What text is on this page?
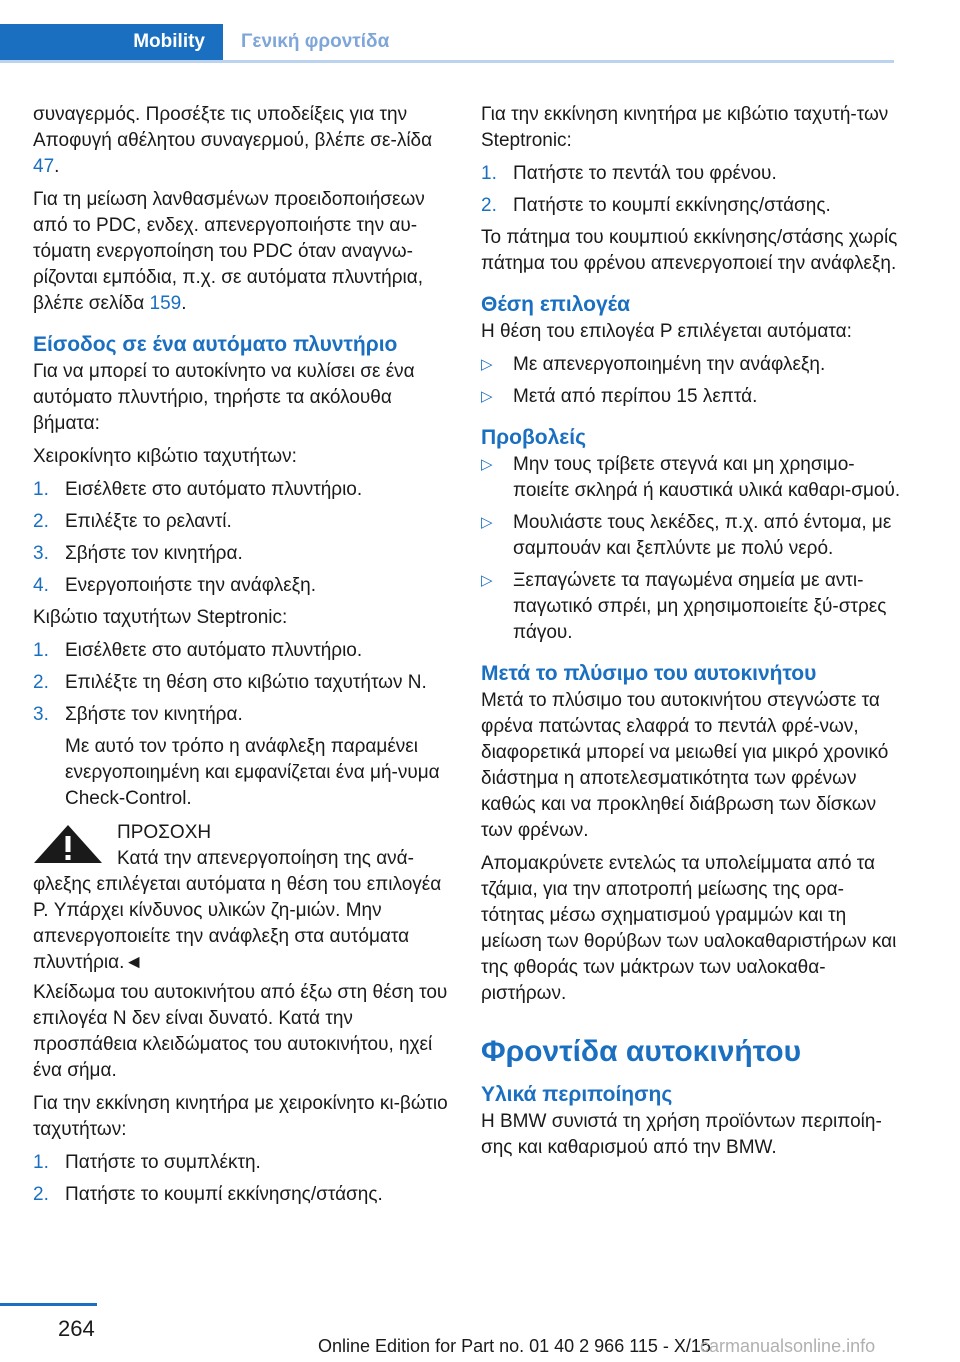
Mobility	Γενική φροντίδα

συναγερμός. Προσέξτε τις υποδείξεις για την Αποφυγή αθέλητου συναγερμού, βλέπε σε-λίδα 47.

Για τη μείωση λανθασμένων προειδοποιήσεων από το PDC, ενδεχ. απενεργοποιήστε την αυ-τόματη ενεργοποίηση του PDC όταν αναγνω-ρίζονται εμπόδια, π.χ. σε αυτόματα πλυντήρια, βλέπε σελίδα 159.

Είσοδος σε ένα αυτόματο πλυντήριο

Για να μπορεί το αυτοκίνητο να κυλίσει σε ένα αυτόματο πλυντήριο, τηρήστε τα ακόλουθα βήματα:

Χειροκίνητο κιβώτιο ταχυτήτων:

1. Εισέλθετε στο αυτόματο πλυντήριο.
2. Επιλέξτε το ρελαντί.
3. Σβήστε τον κινητήρα.
4. Ενεργοποιήστε την ανάφλεξη.

Κιβώτιο ταχυτήτων Steptronic:

1. Εισέλθετε στο αυτόματο πλυντήριο.
2. Επιλέξτε τη θέση στο κιβώτιο ταχυτήτων N.
3. Σβήστε τον κινητήρα.
Με αυτό τον τρόπο η ανάφλεξη παραμένει ενεργοποιημένη και εμφανίζεται ένα μή-νυμα Check-Control.
ΠΡΟΣΟΧΗ
Κατά την απενεργοποίηση της ανά-
φλεξης επιλέγεται αυτόματα η θέση του επιλογέα P. Υπάρχει κίνδυνος υλικών ζη-μιών. Μην απενεργοποιείτε την ανάφλεξη στα αυτόματα πλυντήρια.◄

Κλείδωμα του αυτοκινήτου από έξω στη θέση του επιλογέα N δεν είναι δυνατό. Κατά την προσπάθεια κλειδώματος του αυτοκινήτου, ηχεί ένα σήμα.

Για την εκκίνηση κινητήρα με χειροκίνητο κι-βώτιο ταχυτήτων:

1. Πατήστε το συμπλέκτη.
2. Πατήστε το κουμπί εκκίνησης/στάσης.

Για την εκκίνηση κινητήρα με κιβώτιο ταχυτή-των Steptronic:

1. Πατήστε το πεντάλ του φρένου.
2. Πατήστε το κουμπί εκκίνησης/στάσης.

Το πάτημα του κουμπιού εκκίνησης/στάσης χωρίς πάτημα του φρένου απενεργοποιεί την ανάφλεξη.

Θέση επιλογέα

Η θέση του επιλογέα P επιλέγεται αυτόματα:

▷ Με απενεργοποιημένη την ανάφλεξη.
▷ Μετά από περίπου 15 λεπτά.
Προβολείς
▷ Μην τους τρίβετε στεγνά και μη χρησιμο-ποιείτε σκληρά ή καυστικά υλικά καθαρι-σμού.
▷ Μουλιάστε τους λεκέδες, π.χ. από έντομα, με σαμπουάν και ξεπλύντε με πολύ νερό.
▷ Ξεπαγώνετε τα παγωμένα σημεία με αντι-παγωτικό σπρέι, μη χρησιμοποιείτε ξύ-στρες πάγου.
Μετά το πλύσιμο του αυτοκινήτου

Μετά το πλύσιμο του αυτοκινήτου στεγνώστε τα φρένα πατώντας ελαφρά το πεντάλ φρέ-νων, διαφορετικά μπορεί να μειωθεί για μικρό χρονικό διάστημα η αποτελεσματικότητα των φρένων καθώς και να προκληθεί διάβρωση των δίσκων των φρένων.

Απομακρύνετε εντελώς τα υπολείμματα από τα τζάμια, για την αποτροπή μείωσης της ορα-τότητας μέσω σχηματισμού γραμμών και τη μείωση των θορύβων των υαλοκαθαριστήρων και της φθοράς των μάκτρων των υαλοκαθα-ριστήρων.

Φροντίδα αυτοκινήτου
Υλικά περιποίησης

Η BMW συνιστά τη χρήση προϊόντων περιποίη-σης και καθαρισμού από την BMW.

264
Online Edition for Part no. 01 40 2 966 115 - X/15
carmanualsonline.info
